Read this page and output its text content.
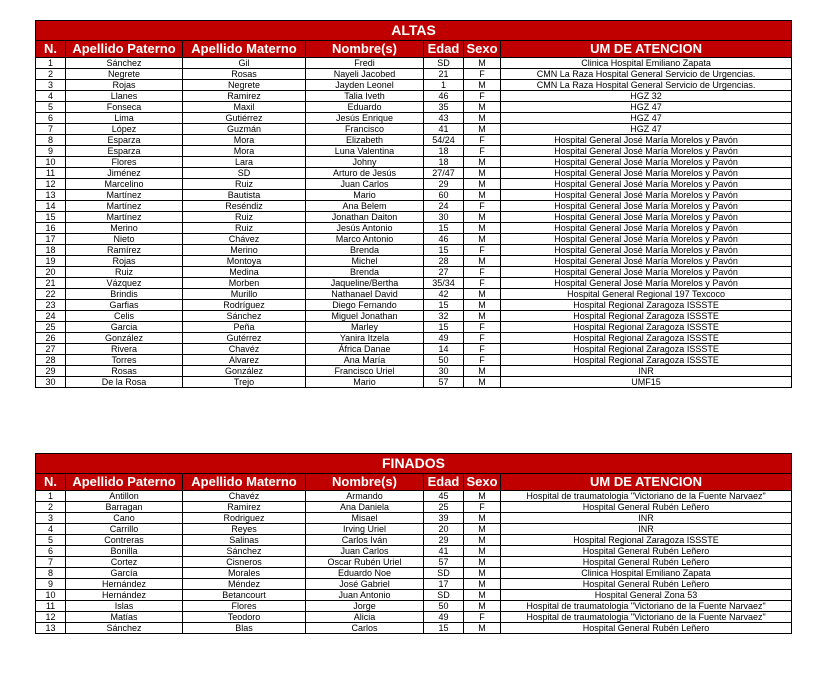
ALTAS						
N.	Apellido Paterno	Apellido Materno	Nombre(s)	Edad	Sexo	UM DE ATENCION
1	Sánchez	Gil	Fredi	SD	M	Clinica Hospital Emiliano Zapata
2	Negrete	Rosas	Nayeli Jacobed	21	F	CMN La Raza Hospital General Servicio de Urgencias.
3	Rojas	Negrete	Jayden Leonel	1	M	CMN La Raza Hospital General Servicio de Urgencias.
4	Llanes	Ramirez	Talia Iveth	46	F	HGZ 32
5	Fonseca	Maxil	Eduardo	35	M	HGZ 47
6	Lima	Gutiérrez	Jesús Enrique	43	M	HGZ 47
7	López	Guzmán	Francisco	41	M	HGZ 47
8	Esparza	Mora	Elizabeth	54/24	F	Hospital General José María Morelos y Pavón
9	Esparza	Mora	Luna Valentina	18	F	Hospital General José María Morelos y Pavón
10	Flores	Lara	Johny	18	M	Hospital General José María Morelos y Pavón
11	Jiménez	SD	Arturo de Jesús	27/47	M	Hospital General José María Morelos y Pavón
12	Marcelino	Ruiz	Juan Carlos	29	M	Hospital General José María Morelos y Pavón
13	Martínez	Bautista	Mario	60	M	Hospital General José María Morelos y Pavón
14	Martínez	Reséndiz	Ana Belem	24	F	Hospital General José María Morelos y Pavón
15	Martínez	Ruiz	Jonathan Daiton	30	M	Hospital General José María Morelos y Pavón
16	Merino	Ruiz	Jesús Antonio	15	M	Hospital General José María Morelos y Pavón
17	Nieto	Chávez	Marco Antonio	46	M	Hospital General José María Morelos y Pavón
18	Ramírez	Merino	Brenda	15	F	Hospital General José María Morelos y Pavón
19	Rojas	Montoya	Michel	28	M	Hospital General José María Morelos y Pavón
20	Ruiz	Medina	Brenda	27	F	Hospital General José María Morelos y Pavón
21	Vázquez	Morben	Jaqueline/Bertha	35/34	F	Hospital General José María Morelos y Pavón
22	Brindis	Murillo	Nathanael David	42	M	Hospital General Regional 197 Texcoco
23	Garfias	Rodríguez	Diego Fernando	15	M	Hospital Regional Zaragoza ISSSTE
24	Celis	Sánchez	Miguel Jonathan	32	M	Hospital Regional Zaragoza ISSSTE
25	Garcia	Peña	Marley	15	F	Hospital Regional Zaragoza ISSSTE
26	González	Gutérrez	Yanira Itzela	49	F	Hospital Regional Zaragoza ISSSTE
27	Rivera	Chavéz	África Danae	14	F	Hospital Regional Zaragoza ISSSTE
28	Torres	Alvarez	Ana María	50	F	Hospital Regional Zaragoza ISSSTE
29	Rosas	González	Francisco Uriel	30	M	INR
30	De la Rosa	Trejo	Mario	57	M	UMF15
FINADOS						
N.	Apellido Paterno	Apellido Materno	Nombre(s)	Edad	Sexo	UM DE ATENCION
1	Antillon	Chavéz	Armando	45	M	Hospital de traumatologia "Victoriano de la Fuente Narvaez"
2	Barragan	Ramirez	Ana Daniela	25	F	Hospital General Rubén Leñero
3	Cano	Rodriguez	Misael	39	M	INR
4	Carrillo	Reyes	Irving Uriel	20	M	INR
5	Contreras	Salinas	Carlos Iván	29	M	Hospital Regional Zaragoza ISSSTE
6	Bonilla	Sánchez	Juan Carlos	41	M	Hospital General Rubén Leñero
7	Cortez	Cisneros	Oscar Rubén Uriel	57	M	Hospital General Rubén Leñero
8	García	Morales	Eduardo Noe	SD	M	Clinica Hospital Emiliano Zapata
9	Hernández	Méndez	José Gabriel	17	M	Hospital General Rubén Leñero
10	Hernández	Betancourt	Juan Antonio	SD	M	Hospital General Zona 53
11	Islas	Flores	Jorge	50	M	Hospital de traumatologia "Victoriano de la Fuente Narvaez"
12	Matías	Teodoro	Alicia	49	F	Hospital de traumatologia "Victoriano de la Fuente Narvaez"
13	Sánchez	Blas	Carlos	15	M	Hospital General Rubén Leñero
